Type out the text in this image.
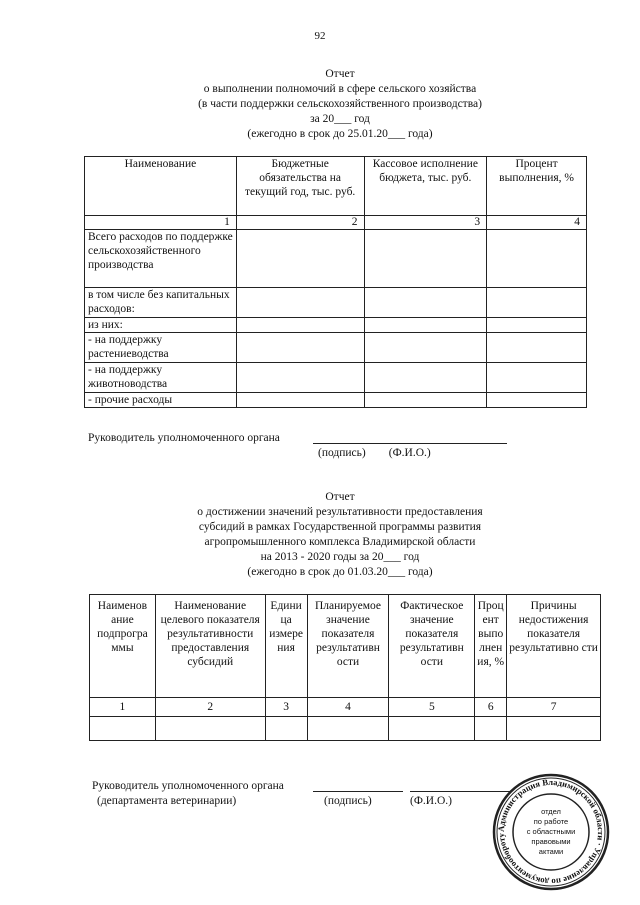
92
Отчет
о выполнении полномочий в сфере сельского хозяйства
(в части поддержки сельскохозяйственного производства)
за 20___ год
(ежегодно в срок до 25.01.20___ года)
Наименование	Бюджетные обязательства на текущий год, тыс. руб.	Кассовое исполнение бюджета, тыс. руб.	Процент выполнения, %
1	2	3	4
Всего расходов по поддержке сельскохозяйственного производства			
в том числе без капитальных расходов:			
из них:			
- на поддержку растениеводства			
- на поддержку животноводства			
- прочие расходы			
Руководитель уполномоченного органа
(подпись)        (Ф.И.О.)
Отчет
о достижении значений результативности предоставления
субсидий в рамках Государственной программы развития
агропромышленного комплекса Владимирской области
на 2013 - 2020 годы за 20___ год
(ежегодно в срок до 01.03.20___ года)
Наименов ание подпрогра ммы	Наименование целевого показателя результативности предоставления субсидий	Едини ца измере ния	Планируемое значение показателя результативн ости	Фактическое значение показателя результативн ости	Проц ент выпо лнен ия, %	Причины недостижения показателя результативно сти
1	2	3	4	5	6	7

Руководитель уполномоченного органа
(департамента ветеринарии)	(подпись)	(Ф.И.О.)
Администрация Владимирской области · Управление по документообороту
отдел
по работе
с областными
правовыми
актами
